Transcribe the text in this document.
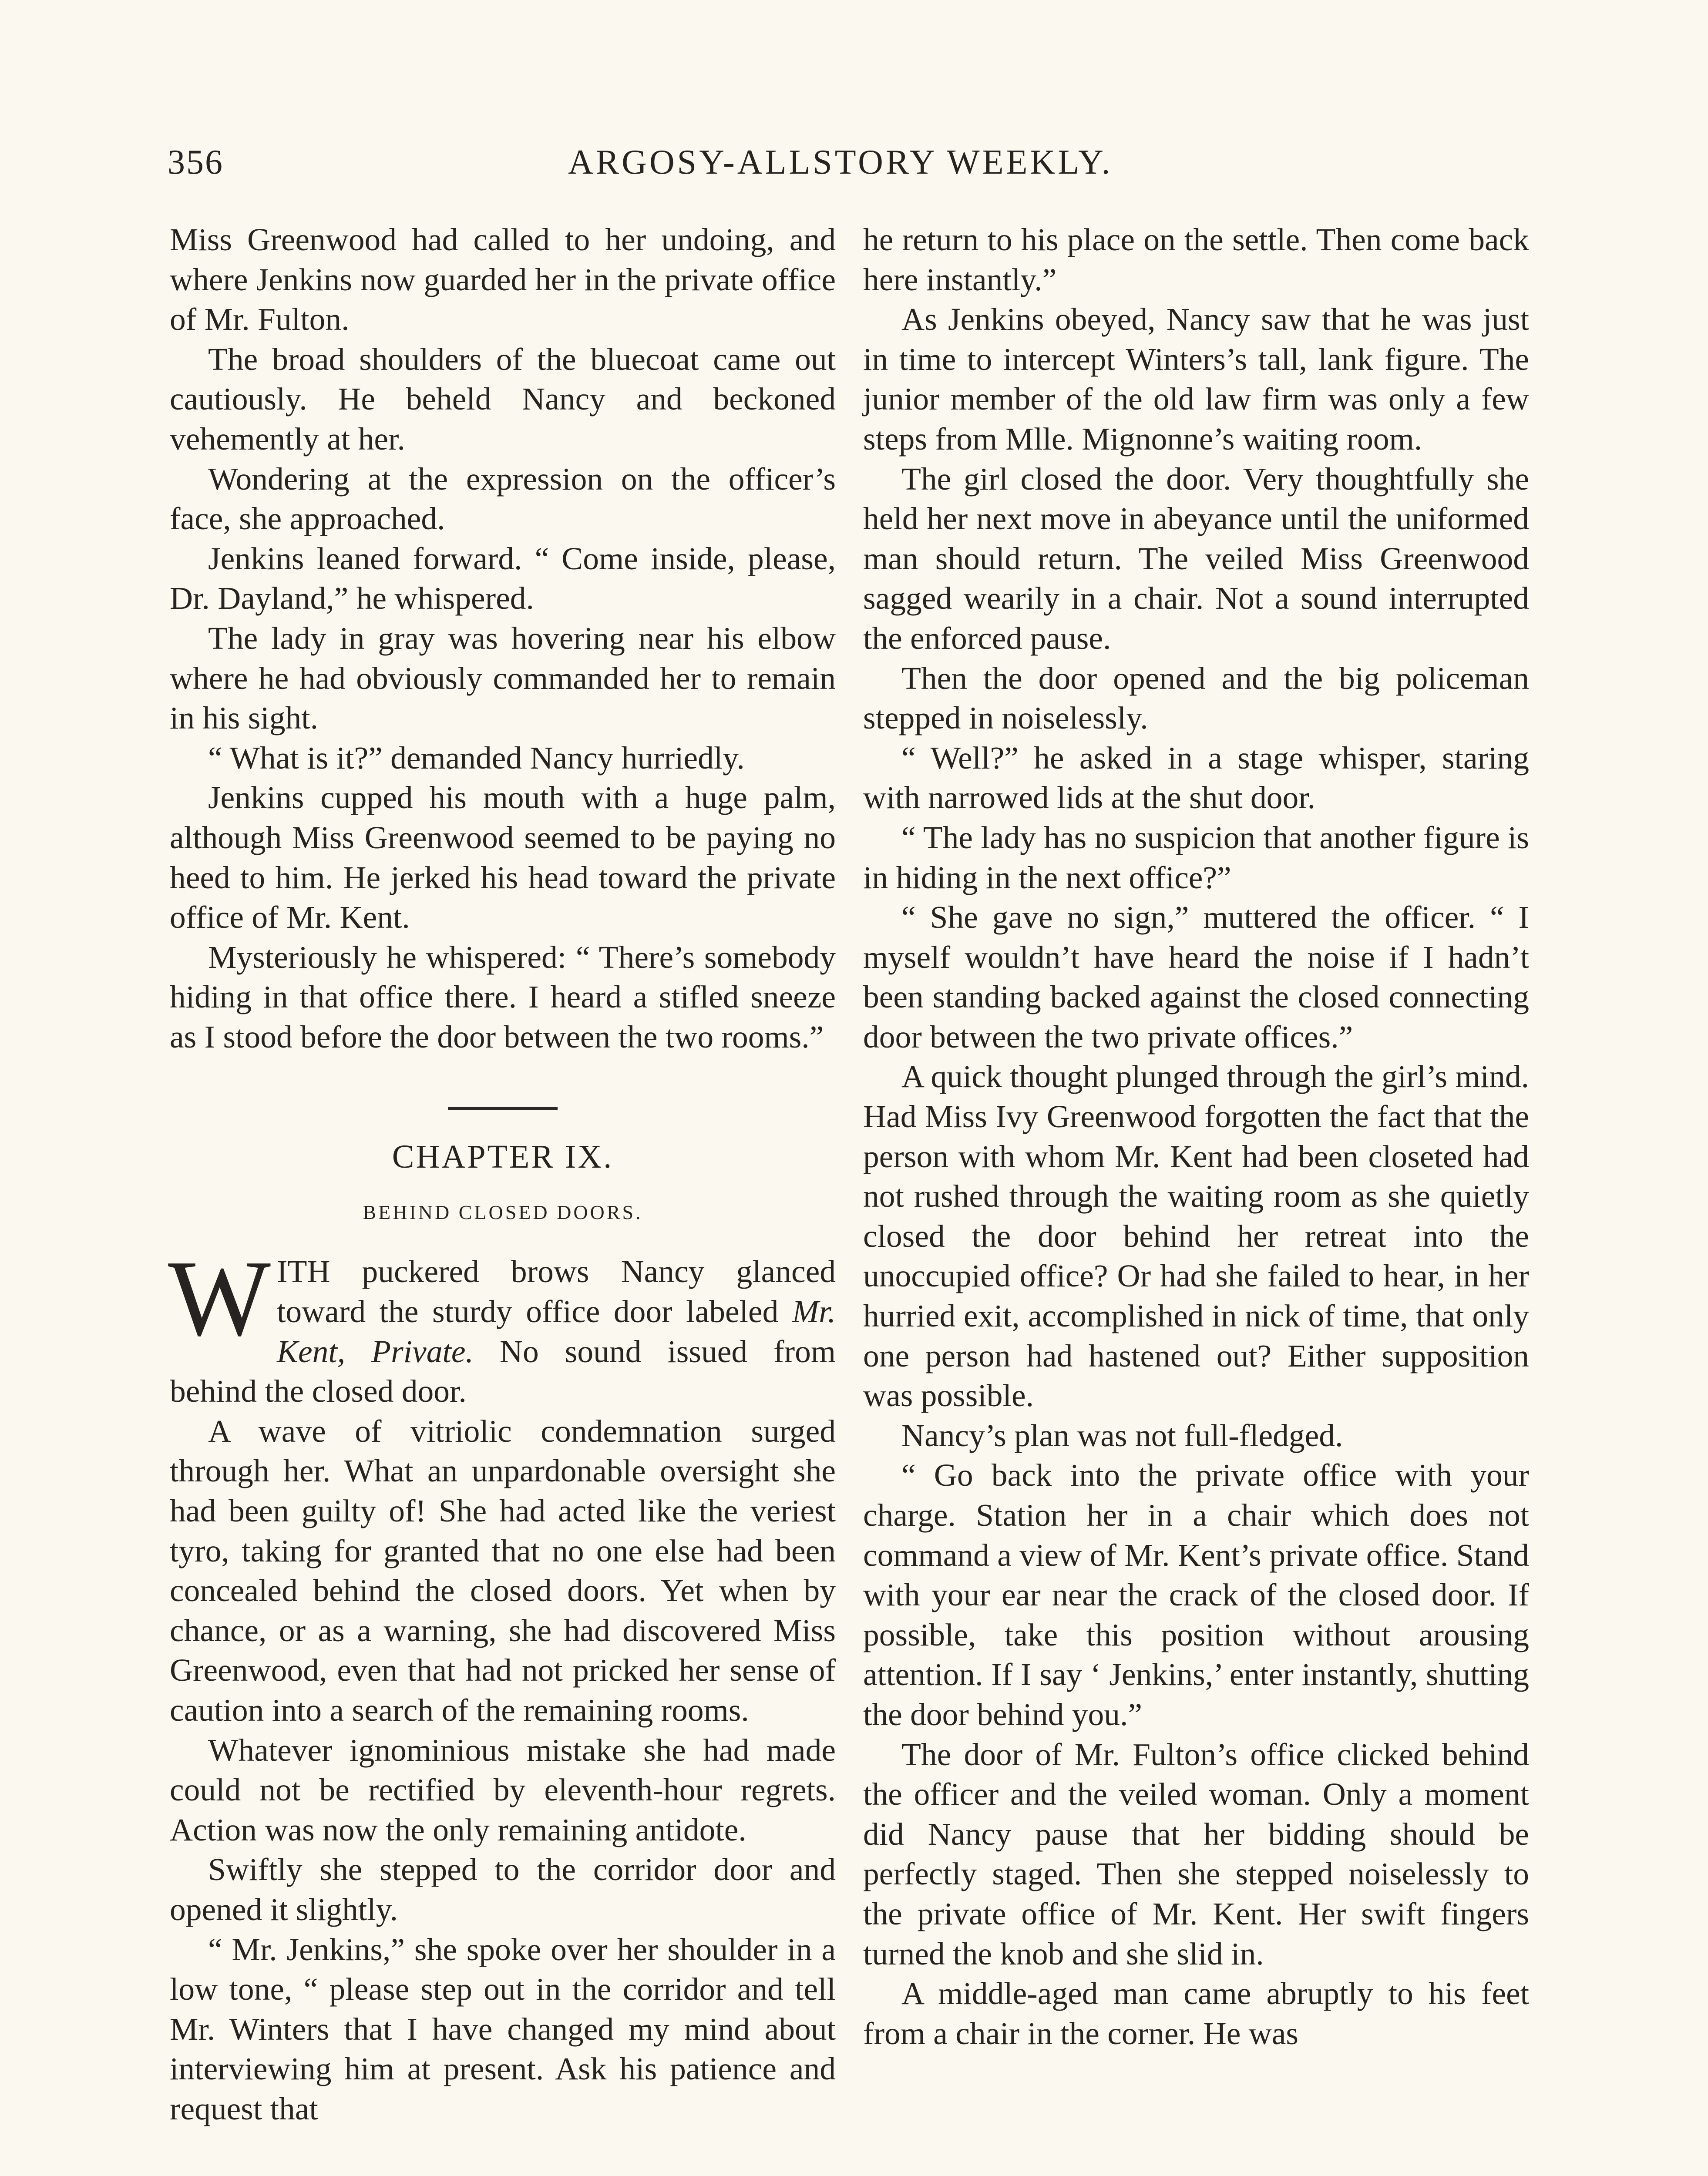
356	ARGOSY-ALLSTORY WEEKLY.

Miss Greenwood had called to her undoing, and where Jenkins now guarded her in the private office of Mr. Fulton.

The broad shoulders of the bluecoat came out cautiously. He beheld Nancy and beckoned vehemently at her.

Wondering at the expression on the officer’s face, she approached.

Jenkins leaned forward. “ Come inside, please, Dr. Dayland,” he whispered.

The lady in gray was hovering near his elbow where he had obviously commanded her to remain in his sight.

“ What is it?” demanded Nancy hurriedly.

Jenkins cupped his mouth with a huge palm, although Miss Greenwood seemed to be paying no heed to him. He jerked his head toward the private office of Mr. Kent.

Mysteriously he whispered: “ There’s somebody hiding in that office there. I heard a stifled sneeze as I stood before the door between the two rooms.”

CHAPTER IX.
BEHIND CLOSED DOORS.

WITH puckered brows Nancy glanced toward the sturdy office door labeled Mr. Kent, Private. No sound issued from behind the closed door.

A wave of vitriolic condemnation surged through her. What an unpardonable oversight she had been guilty of! She had acted like the veriest tyro, taking for granted that no one else had been concealed behind the closed doors. Yet when by chance, or as a warning, she had discovered Miss Greenwood, even that had not pricked her sense of caution into a search of the remaining rooms.

Whatever ignominious mistake she had made could not be rectified by eleventh-hour regrets. Action was now the only remaining antidote.

Swiftly she stepped to the corridor door and opened it slightly.

“ Mr. Jenkins,” she spoke over her shoulder in a low tone, “ please step out in the corridor and tell Mr. Winters that I have changed my mind about interviewing him at present. Ask his patience and request that

he return to his place on the settle. Then come back here instantly.”

As Jenkins obeyed, Nancy saw that he was just in time to intercept Winters’s tall, lank figure. The junior member of the old law firm was only a few steps from Mlle. Mignonne’s waiting room.

The girl closed the door. Very thoughtfully she held her next move in abeyance until the uniformed man should return. The veiled Miss Greenwood sagged wearily in a chair. Not a sound interrupted the enforced pause.

Then the door opened and the big policeman stepped in noiselessly.

“ Well?” he asked in a stage whisper, staring with narrowed lids at the shut door.

“ The lady has no suspicion that another figure is in hiding in the next office?”

“ She gave no sign,” muttered the officer. “ I myself wouldn’t have heard the noise if I hadn’t been standing backed against the closed connecting door between the two private offices.”

A quick thought plunged through the girl’s mind. Had Miss Ivy Greenwood forgotten the fact that the person with whom Mr. Kent had been closeted had not rushed through the waiting room as she quietly closed the door behind her retreat into the unoccupied office? Or had she failed to hear, in her hurried exit, accomplished in nick of time, that only one person had hastened out? Either supposition was possible.

Nancy’s plan was not full-fledged.

“ Go back into the private office with your charge. Station her in a chair which does not command a view of Mr. Kent’s private office. Stand with your ear near the crack of the closed door. If possible, take this position without arousing attention. If I say ‘ Jenkins,’ enter instantly, shutting the door behind you.”

The door of Mr. Fulton’s office clicked behind the officer and the veiled woman. Only a moment did Nancy pause that her bidding should be perfectly staged. Then she stepped noiselessly to the private office of Mr. Kent. Her swift fingers turned the knob and she slid in.

A middle-aged man came abruptly to his feet from a chair in the corner. He was
